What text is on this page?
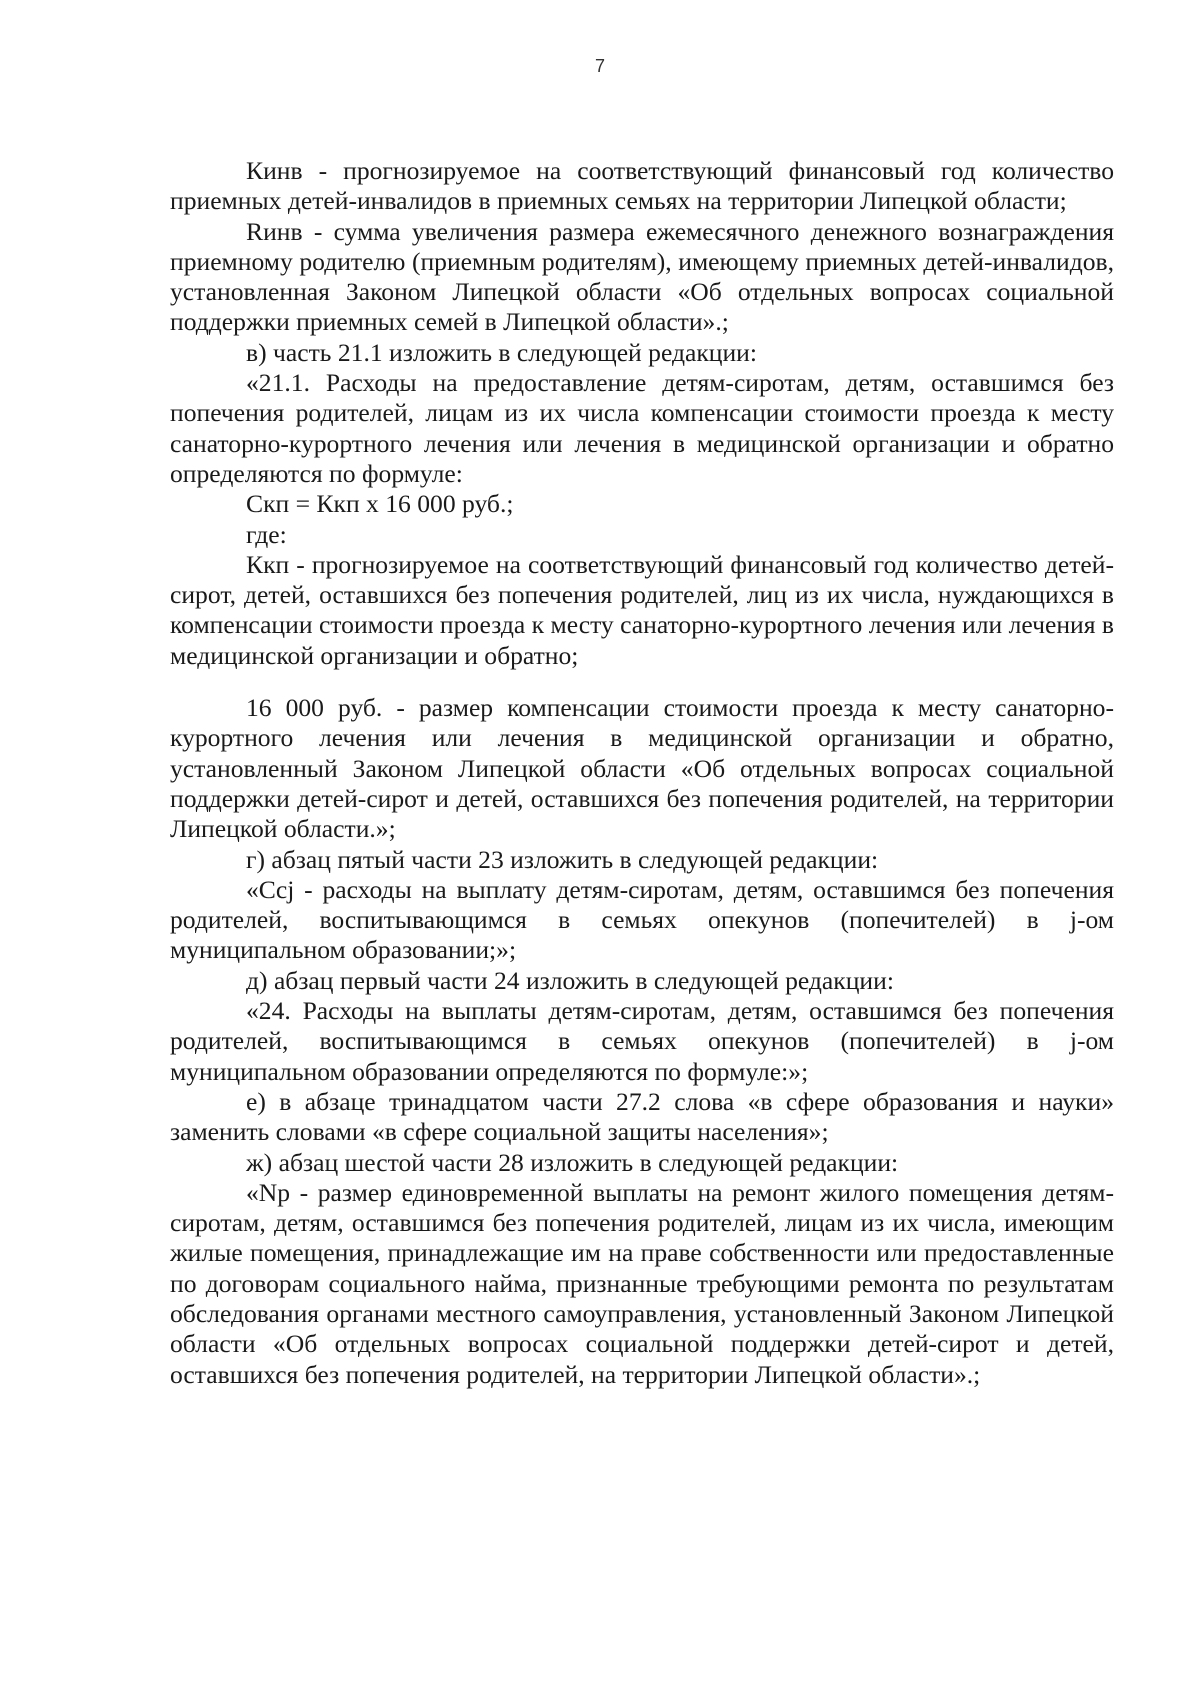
7

Кинв - прогнозируемое на соответствующий финансовый год количество приемных детей-инвалидов в приемных семьях на территории Липецкой области;

Rинв - сумма увеличения размера ежемесячного денежного вознаграждения приемному родителю (приемным родителям), имеющему приемных детей-инвалидов, установленная Законом Липецкой области «Об отдельных вопросах социальной поддержки приемных семей в Липецкой области».;

в) часть 21.1 изложить в следующей редакции:

«21.1. Расходы на предоставление детям-сиротам, детям, оставшимся без попечения родителей, лицам из их числа компенсации стоимости проезда к месту санаторно-курортного лечения или лечения в медицинской организации и обратно определяются по формуле:

Скп = Ккп х 16 000 руб.;

где:

Ккп - прогнозируемое на соответствующий финансовый год количество детей-сирот, детей, оставшихся без попечения родителей, лиц из их числа, нуждающихся в компенсации стоимости проезда к месту санаторно-курортного лечения или лечения в медицинской организации и обратно;

16 000 руб. - размер компенсации стоимости проезда к месту санаторно-курортного лечения или лечения в медицинской организации и обратно, установленный Законом Липецкой области «Об отдельных вопросах социальной поддержки детей-сирот и детей, оставшихся без попечения родителей, на территории Липецкой области.»;

г) абзац пятый части 23 изложить в следующей редакции:

«Ccj - расходы на выплату детям-сиротам, детям, оставшимся без попечения родителей, воспитывающимся в семьях опекунов (попечителей) в j-ом муниципальном образовании;»;

д) абзац первый части 24 изложить в следующей редакции:

«24. Расходы на выплаты детям-сиротам, детям, оставшимся без попечения родителей, воспитывающимся в семьях опекунов (попечителей) в j-ом муниципальном образовании определяются по формуле:»;

е) в абзаце тринадцатом части 27.2 слова «в сфере образования и науки» заменить словами «в сфере социальной защиты населения»;

ж) абзац шестой части 28 изложить в следующей редакции:

«Np - размер единовременной выплаты на ремонт жилого помещения детям-сиротам, детям, оставшимся без попечения родителей, лицам из их числа, имеющим жилые помещения, принадлежащие им на праве собственности или предоставленные по договорам социального найма, признанные требующими ремонта по результатам обследования органами местного самоуправления, установленный Законом Липецкой области «Об отдельных вопросах социальной поддержки детей-сирот и детей, оставшихся без попечения родителей, на территории Липецкой области».;
